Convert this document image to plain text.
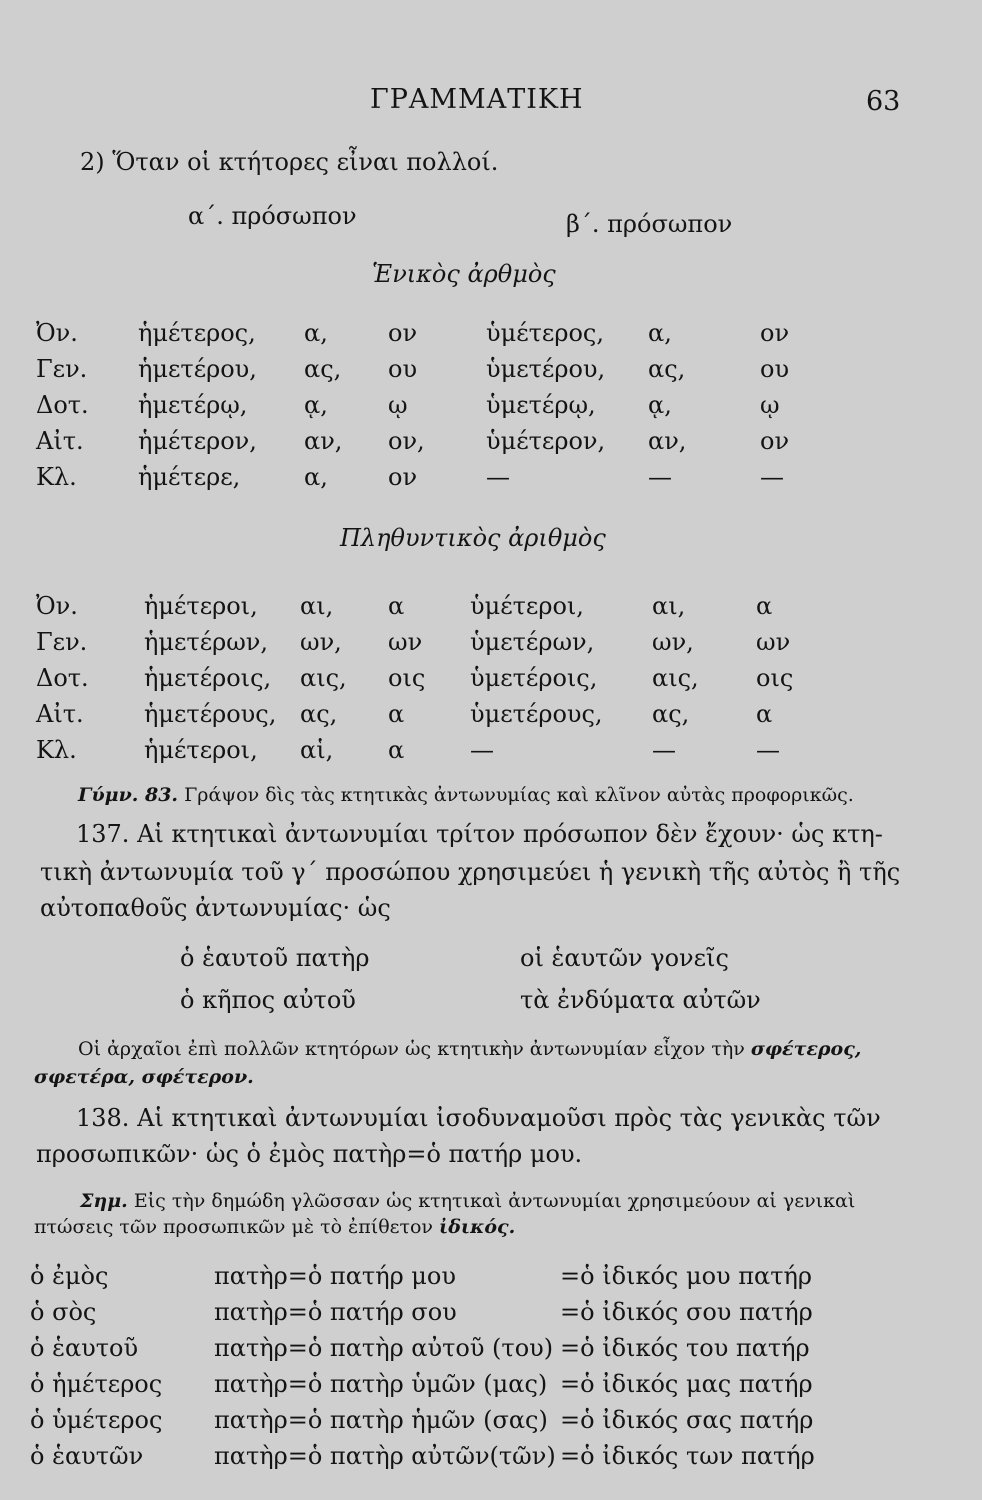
ΓΡΑΜΜΑΤΙΚΗ	63
2) Ὅταν οἱ κτήτορες εἶναι πολλοί.
α΄. πρόσωπον	β΄. πρόσωπον
Ἑνικὸς ἀρθμὸς
Ὀν.	ἡμέτερος,	α,	ον	ὑμέτερος,	α,	ον
Γεν.	ἡμετέρου,	ας,	ου	ὑμετέρου,	ας,	ου
Δοτ.	ἡμετέρῳ,	ᾳ,	ῳ	ὑμετέρῳ,	ᾳ,	ῳ
Αἰτ.	ἡμέτερον,	αν,	ον,	ὑμέτερον,	αν,	ον
Κλ.	ἡμέτερε,	α,	ον	—	—	—
Πληθυντικὸς ἀριθμὸς
Ὀν.	ἡμέτεροι,	αι,	α	ὑμέτεροι,	αι,	α
Γεν.	ἡμετέρων,	ων,	ων	ὑμετέρων,	ων,	ων
Δοτ.	ἡμετέροις,	αις,	οις	ὑμετέροις,	αις,	οις
Αἰτ.	ἡμετέρους,	ας,	α	ὑμετέρους,	ας,	α
Κλ.	ἡμέτεροι,	αἱ,	α	—	—	—
Γύμν. 83. Γράψον δὶς τὰς κτητικὰς ἀντωνυμίας καὶ κλῖνον αὐτὰς προφορικῶς.
137. Αἱ κτητικαὶ ἀντωνυμίαι τρίτον πρόσωπον δὲν ἔχουν· ὡς κτη-
τικὴ ἀντωνυμία τοῦ γ΄ προσώπου χρησιμεύει ἡ γενικὴ τῆς αὐτὸς ἢ τῆς
αὐτοπαθοῦς ἀντωνυμίας· ὡς
ὁ ἑαυτοῦ πατὴρ	οἱ ἑαυτῶν γονεῖς
ὁ κῆπος αὐτοῦ	τὰ ἐνδύματα αὐτῶν
Οἱ ἀρχαῖοι ἐπὶ πολλῶν κτητόρων ὡς κτητικὴν ἀντωνυμίαν εἶχον τὴν σφέτερος,
σφετέρα, σφέτερον.
138. Αἱ κτητικαὶ ἀντωνυμίαι ἰσοδυναμοῦσι πρὸς τὰς γενικὰς τῶν
προσωπικῶν· ὡς ὁ ἐμὸς πατὴρ=ὁ πατήρ μου.
Σημ. Εἰς τὴν δημώδη γλῶσσαν ὡς κτητικαὶ ἀντωνυμίαι χρησιμεύουν αἱ γενικαὶ
πτώσεις τῶν προσωπικῶν μὲ τὸ ἐπίθετον ἰδικός.
ὁ ἐμὸς	πατὴρ=ὁ πατήρ μου	=ὁ ἰδικός μου πατήρ
ὁ σὸς	πατὴρ=ὁ πατήρ σου	=ὁ ἰδικός σου πατήρ
ὁ ἑαυτοῦ	πατὴρ=ὁ πατὴρ αὐτοῦ (του)	=ὁ ἰδικός του πατήρ
ὁ ἡμέτερος	πατὴρ=ὁ πατὴρ ὑμῶν (μας)	=ὁ ἰδικός μας πατήρ
ὁ ὑμέτερος	πατὴρ=ὁ πατὴρ ἡμῶν (σας)	=ὁ ἰδικός σας πατήρ
ὁ ἑαυτῶν	πατὴρ=ὁ πατὴρ αὐτῶν(τῶν)	=ὁ ἰδικός των πατήρ
